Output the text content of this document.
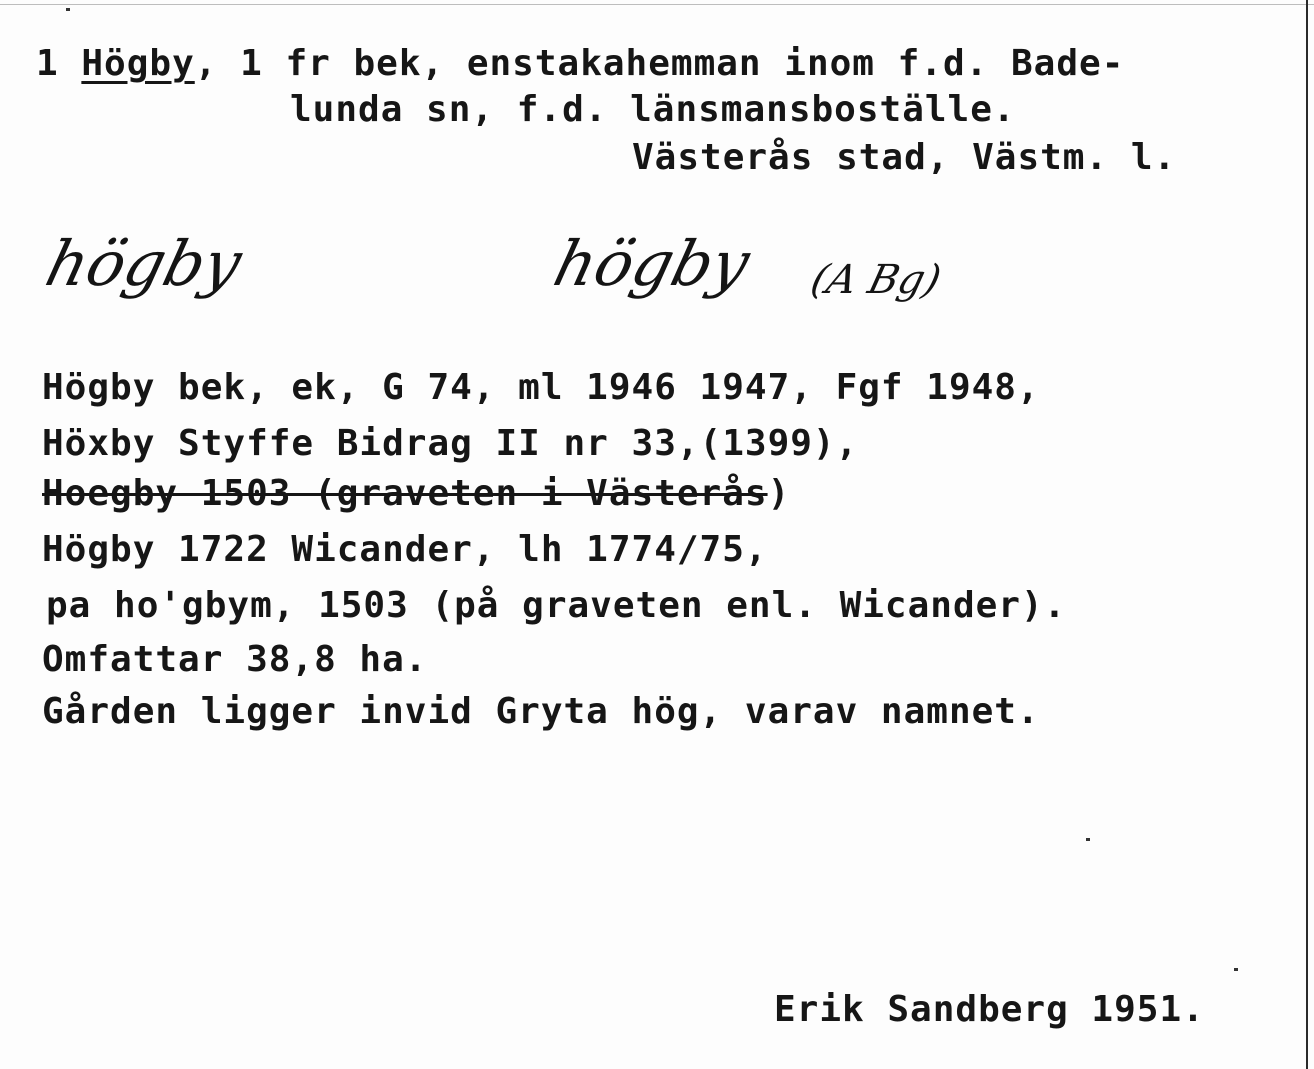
1 Högby, 1 fr bek, enstakahemman inom f.d. Bade-
lunda sn, f.d. länsmansboställe.
Västerås stad, Västm. l.
högby	högby (A Bg)
Högby bek, ek, G 74, ml 1946 1947, Fgf 1948,
Höxby Styffe Bidrag II nr 33,(1399),
Hoegby 1503 (graveten i Västerås)
Högby 1722 Wicander, lh 1774/75,
pa ho'gbym, 1503 (på graveten enl. Wicander).
Omfattar 38,8 ha.
Gården ligger invid Gryta hög, varav namnet.
Erik Sandberg 1951.
